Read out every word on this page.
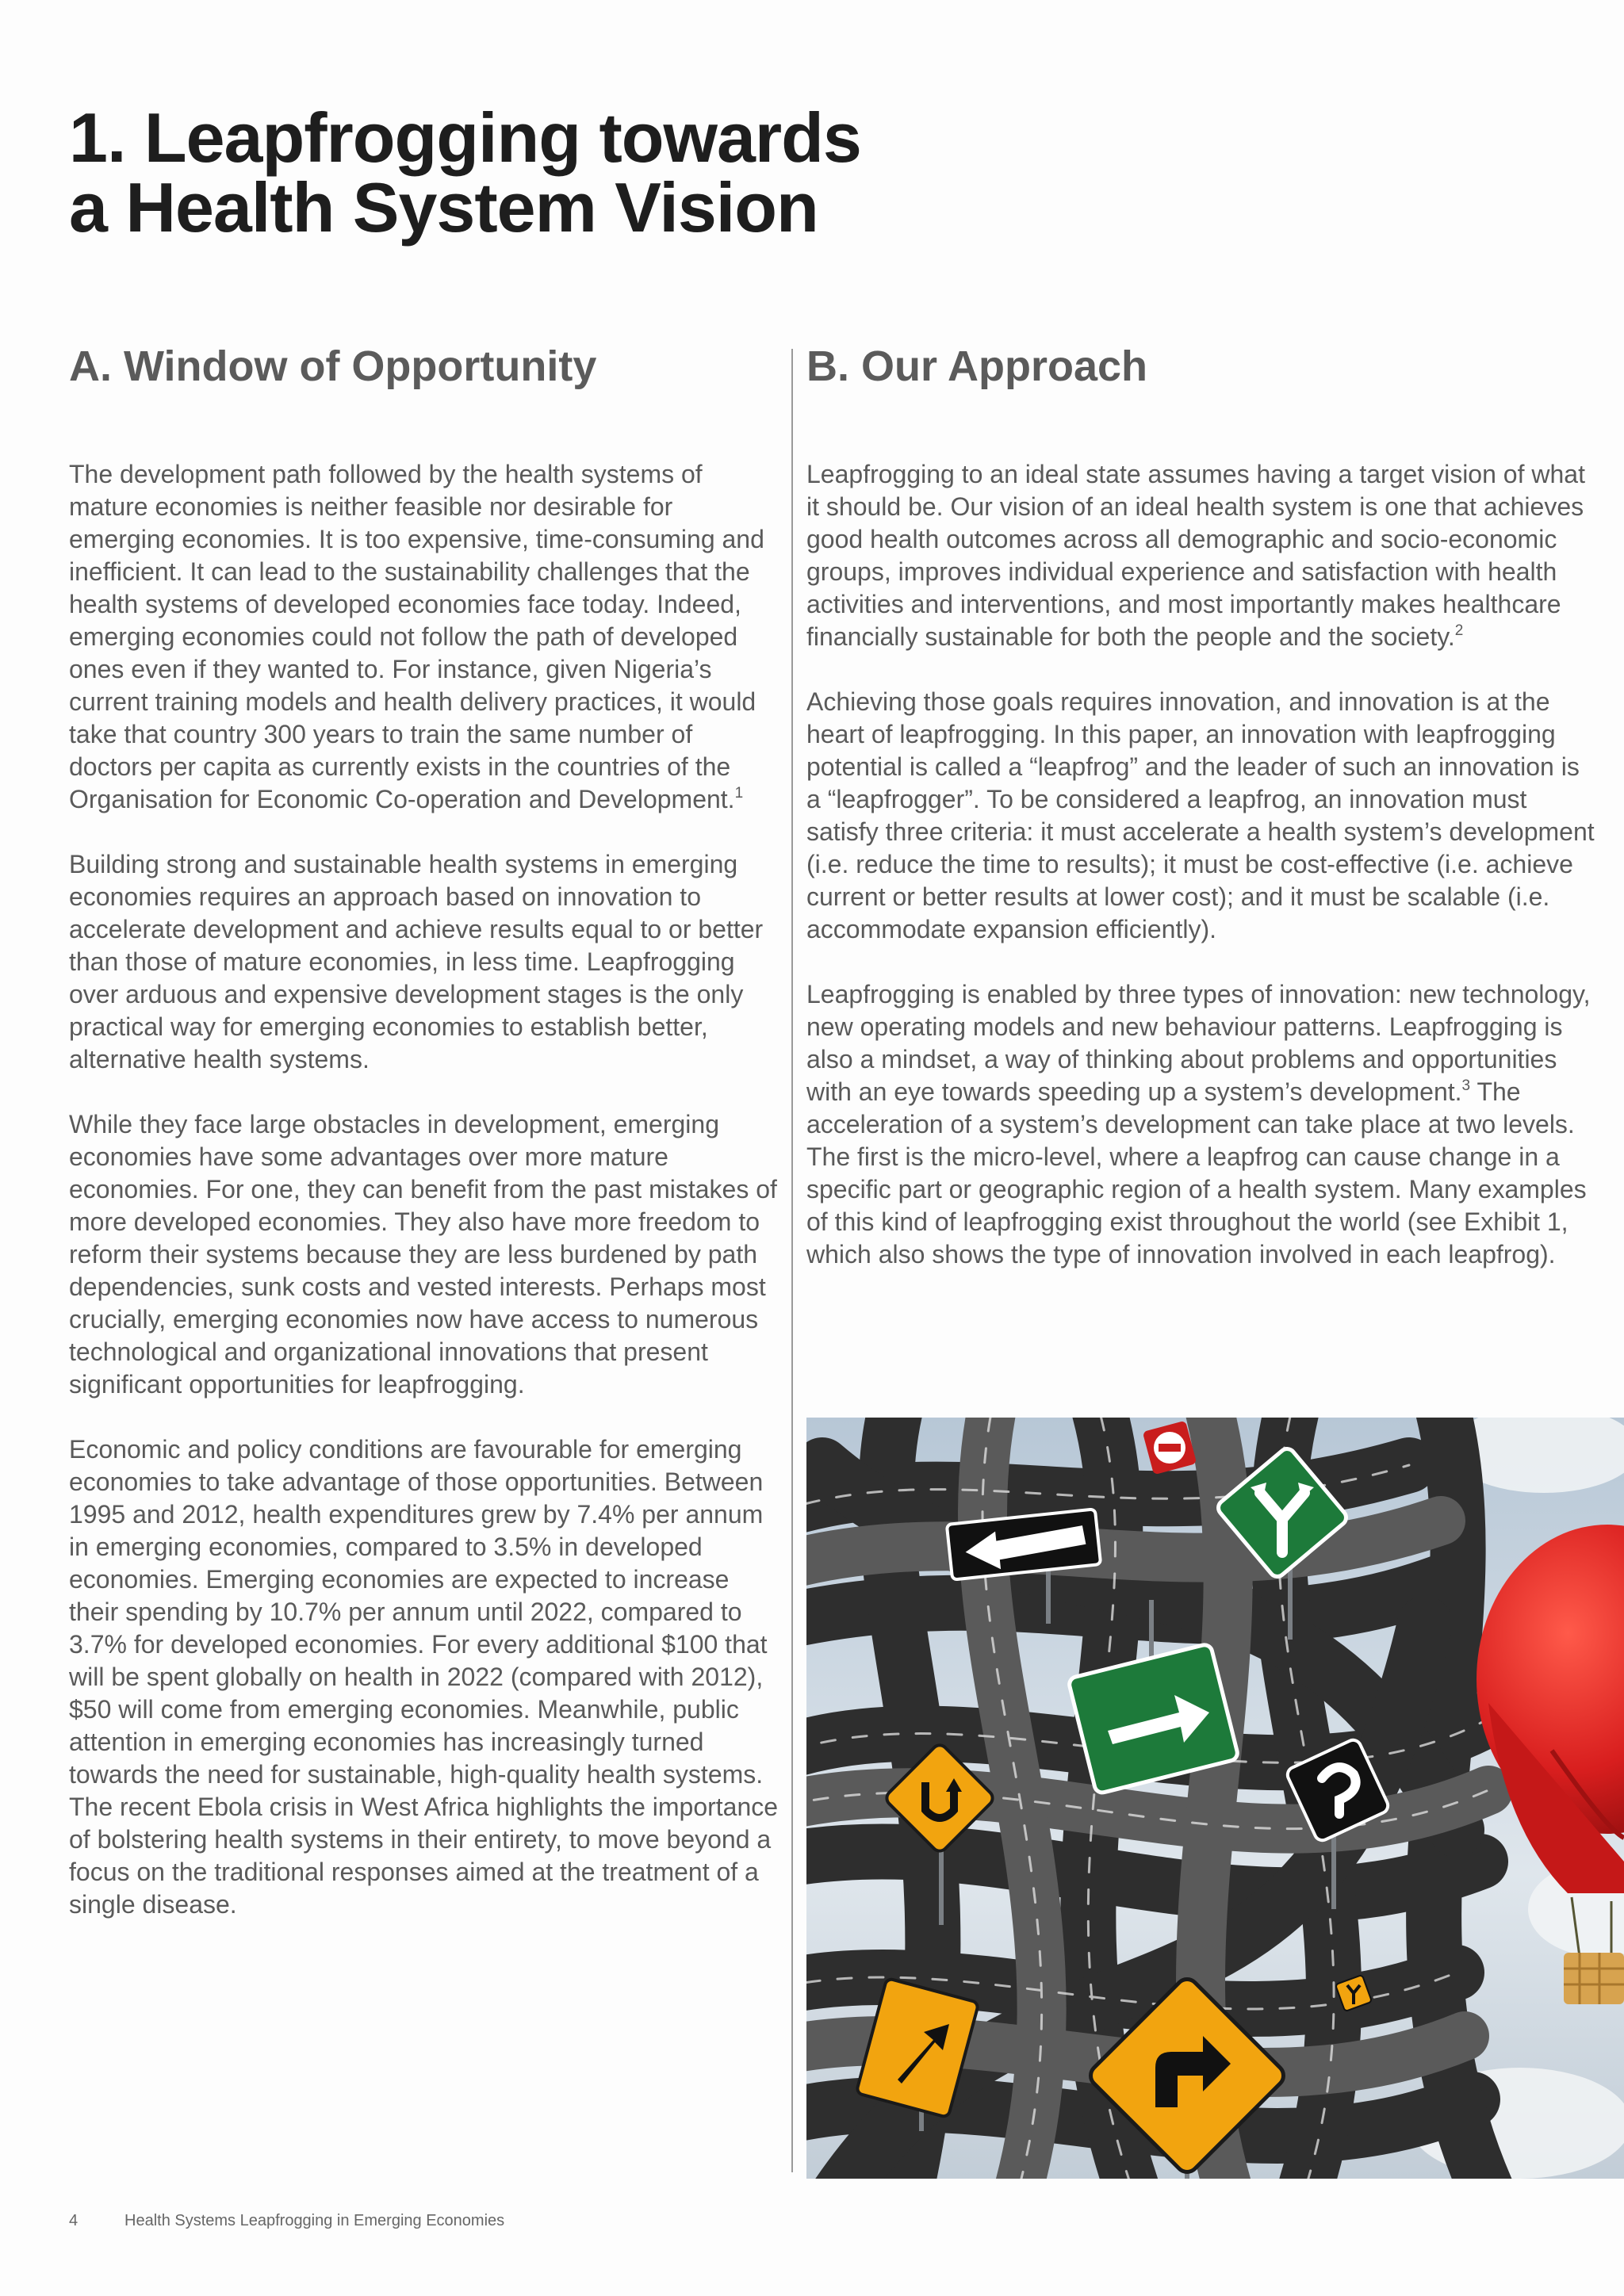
1. Leapfrogging towards
a Health System Vision
A. Window of Opportunity

The development path followed by the health systems of mature economies is neither feasible nor desirable for emerging economies. It is too expensive, time-consuming and inefficient. It can lead to the sustainability challenges that the health systems of developed economies face today. Indeed, emerging economies could not follow the path of developed ones even if they wanted to. For instance, given Nigeria’s current training models and health delivery practices, it would take that country 300 years to train the same number of doctors per capita as currently exists in the countries of the Organisation for Economic Co-operation and Development.$^1$

Building strong and sustainable health systems in emerging economies requires an approach based on innovation to accelerate development and achieve results equal to or better than those of mature economies, in less time. Leapfrogging over arduous and expensive development stages is the only practical way for emerging economies to establish better, alternative health systems.

While they face large obstacles in development, emerging economies have some advantages over more mature economies. For one, they can benefit from the past mistakes of more developed economies. They also have more freedom to reform their systems because they are less burdened by path dependencies, sunk costs and vested interests. Perhaps most crucially, emerging economies now have access to numerous technological and organizational innovations that present significant opportunities for leapfrogging.

Economic and policy conditions are favourable for emerging economies to take advantage of those opportunities. Between 1995 and 2012, health expenditures grew by 7.4% per annum in emerging economies, compared to 3.5% in developed economies. Emerging economies are expected to increase their spending by 10.7% per annum until 2022, compared to 3.7% for developed economies. For every additional $100 that will be spent globally on health in 2022 (compared with 2012), $50 will come from emerging economies. Meanwhile, public attention in emerging economies has increasingly turned towards the need for sustainable, high-quality health systems. The recent Ebola crisis in West Africa highlights the importance of bolstering health systems in their entirety, to move beyond a focus on the traditional responses aimed at the treatment of a single disease.

B. Our Approach

Leapfrogging to an ideal state assumes having a target vision of what it should be. Our vision of an ideal health system is one that achieves good health outcomes across all demographic and socio-economic groups, improves individual experience and satisfaction with health activities and interventions, and most importantly makes healthcare financially sustainable for both the people and the society.$^2$

Achieving those goals requires innovation, and innovation is at the heart of leapfrogging. In this paper, an innovation with leapfrogging potential is called a “leapfrog” and the leader of such an innovation is a “leapfrogger”. To be considered a leapfrog, an innovation must satisfy three criteria: it must accelerate a health system’s development (i.e. reduce the time to results); it must be cost-effective (i.e. achieve current or better results at lower cost); and it must be scalable (i.e. accommodate expansion efficiently).

Leapfrogging is enabled by three types of innovation: new technology, new operating models and new behaviour patterns. Leapfrogging is also a mindset, a way of thinking about problems and opportunities with an eye towards speeding up a system’s development.$^3$ The acceleration of a system’s development can take place at two levels. The first is the micro-level, where a leapfrog can cause change in a specific part or geographic region of a health system. Many examples of this kind of leapfrogging exist throughout the world (see Exhibit 1, which also shows the type of innovation involved in each leapfrog).

4	Health Systems Leapfrogging in Emerging Economies
